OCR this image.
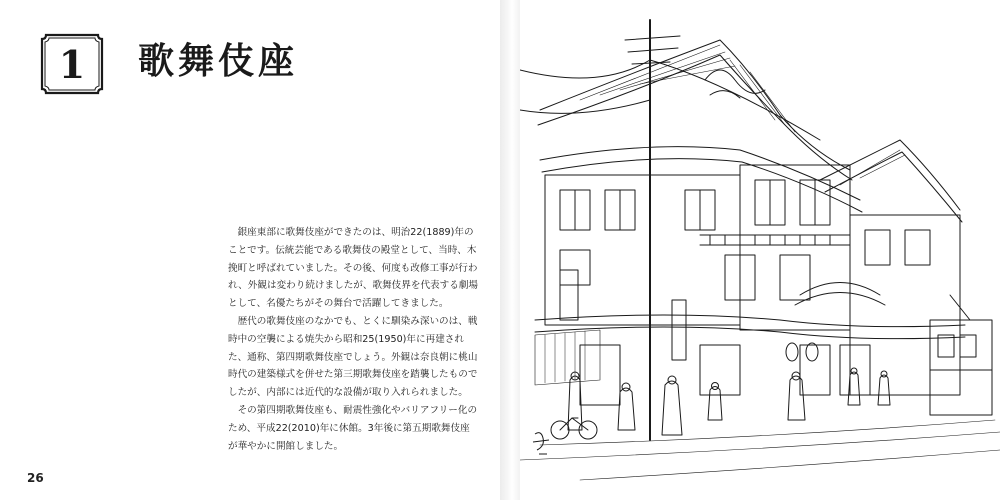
1	歌舞伎座

銀座東部に歌舞伎座ができたのは、明治22(1889)年のことです。伝統芸能である歌舞伎の殿堂として、当時、木挽町と呼ばれていました。その後、何度も改修工事が行われ、外観は変わり続けましたが、歌舞伎界を代表する劇場として、名優たちがその舞台で活躍してきました。

歴代の歌舞伎座のなかでも、とくに馴染み深いのは、戦時中の空襲による焼失から昭和25(1950)年に再建された、通称、第四期歌舞伎座でしょう。外観は奈良朝に桃山時代の建築様式を併せた第三期歌舞伎座を踏襲したものでしたが、内部には近代的な設備が取り入れられました。

その第四期歌舞伎座も、耐震性強化やバリアフリー化のため、平成22(2010)年に休館。3年後に第五期歌舞伎座が華やかに開館しました。

26
